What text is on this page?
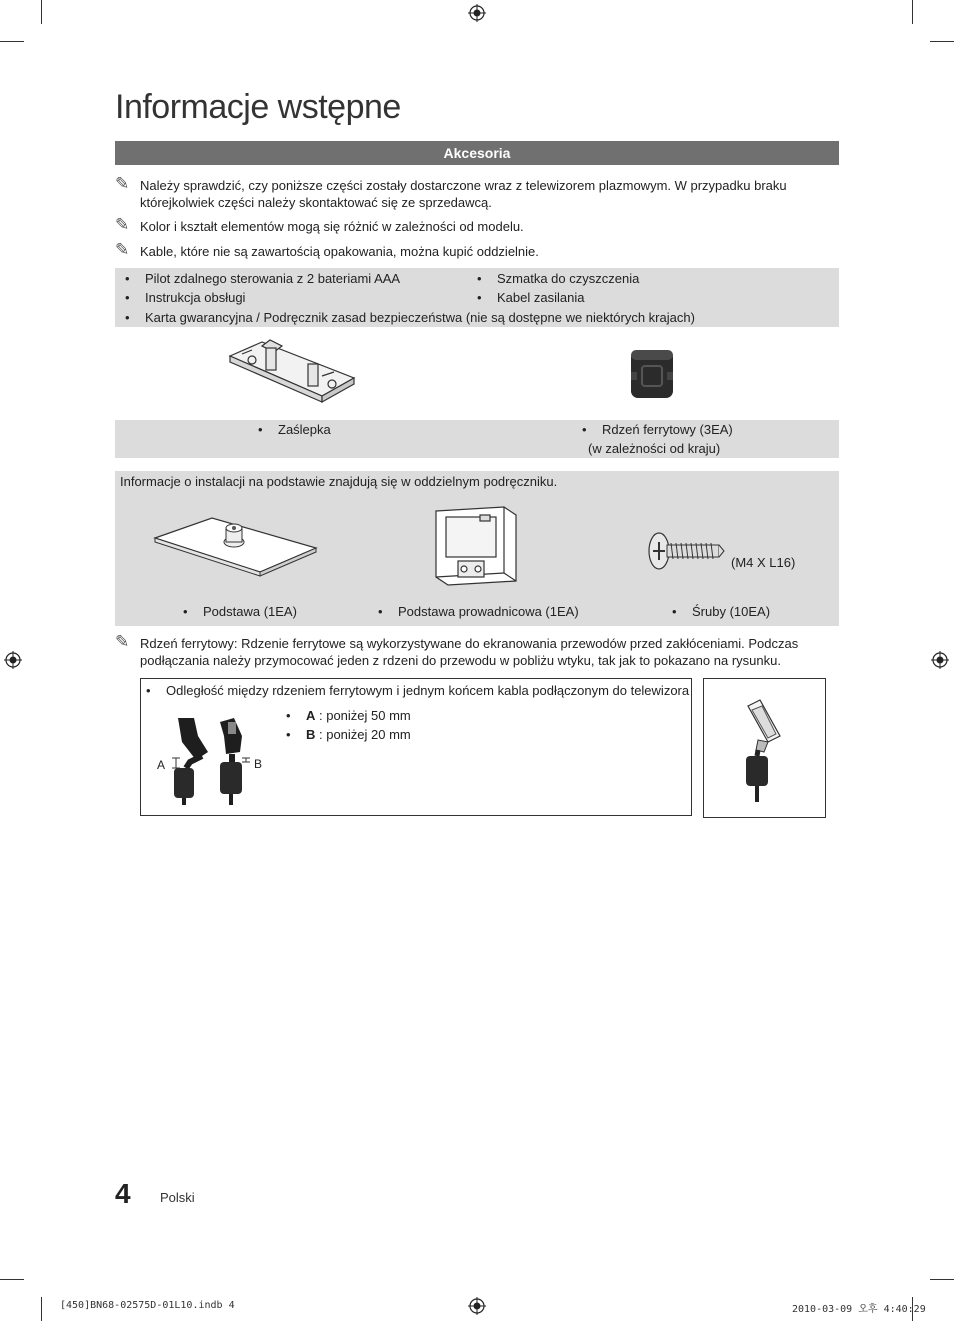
Informacje wstępne
Akcesoria
✎ Należy sprawdzić, czy poniższe części zostały dostarczone wraz z telewizorem plazmowym. W przypadku braku którejkolwiek części należy skontaktować się ze sprzedawcą.
✎ Kolor i kształt elementów mogą się różnić w zależności od modelu.
✎ Kable, które nie są zawartością opakowania, można kupić oddzielnie.
• Pilot zdalnego sterowania z 2 bateriami AAA
• Instrukcja obsługi
• Szmatka do czyszczenia
• Kabel zasilania
• Karta gwarancyjna / Podręcznik zasad bezpieczeństwa (nie są dostępne we niektórych krajach)
• Zaślepka	• Rdzeń ferrytowy (3EA)
(w zależności od kraju)
Informacje o instalacji na podstawie znajdują się w oddzielnym podręczniku.
(M4 X L16)
• Podstawa (1EA)	• Podstawa prowadnicowa (1EA)	• Śruby (10EA)
✎ Rdzeń ferrytowy: Rdzenie ferrytowe są wykorzystywane do ekranowania przewodów przed zakłóceniami. Podczas podłączania należy przymocować jeden z rdzeni do przewodu w pobliżu wtyku, tak jak to pokazano na rysunku.
• Odległość między rdzeniem ferrytowym i jednym końcem kabla podłączonym do telewizora
• A : poniżej 50 mm
• B : poniżej 20 mm
A	B
4 Polski
[450]BN68-02575D-01L10.indb 4	2010-03-09 오후 4:40:29
